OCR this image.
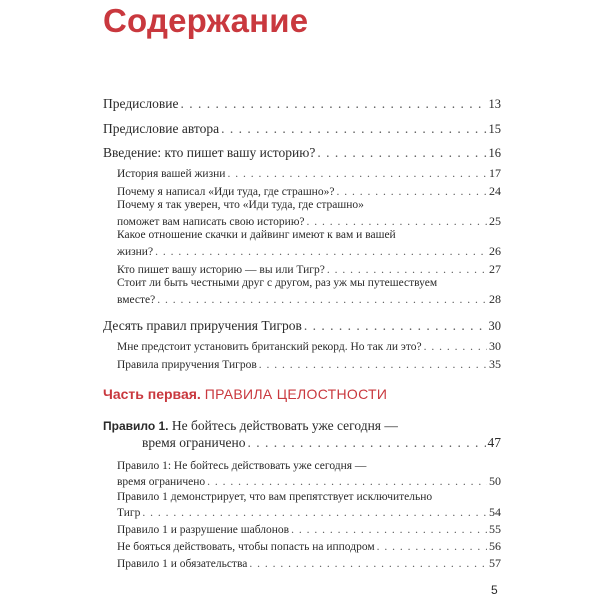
Содержание
Предисловие . . .	13
Предисловие автора . . .	15
Введение: кто пишет вашу историю? . . .	16
История вашей жизни . . .	17
Почему я написал «Иди туда, где страшно»? . . .	24
Почему я так уверен, что «Иди туда, где страшно»
поможет вам написать свою историю? . . .	25
Какое отношение скачки и дайвинг имеют к вам и вашей
жизни? . . .	26
Кто пишет вашу историю — вы или Тигр? . . .	27
Стоит ли быть честными друг с другом, раз уж мы путешествуем
вместе? . . .	28
Десять правил приручения Тигров . . .	30
Мне предстоит установить британский рекорд. Но так ли это? . . .	30
Правила приручения Тигров . . .	35
Часть первая. ПРАВИЛА ЦЕЛОСТНОСТИ
Правило 1. Не бойтесь действовать уже сегодня —
время ограничено . . .	47
Правило 1: Не бойтесь действовать уже сегодня —
время ограничено . . .	50
Правило 1 демонстрирует, что вам препятствует исключительно
Тигр . . .	54
Правило 1 и разрушение шаблонов . . .	55
Не бояться действовать, чтобы попасть на ипподром . . .	56
Правило 1 и обязательства . . .	57
5
